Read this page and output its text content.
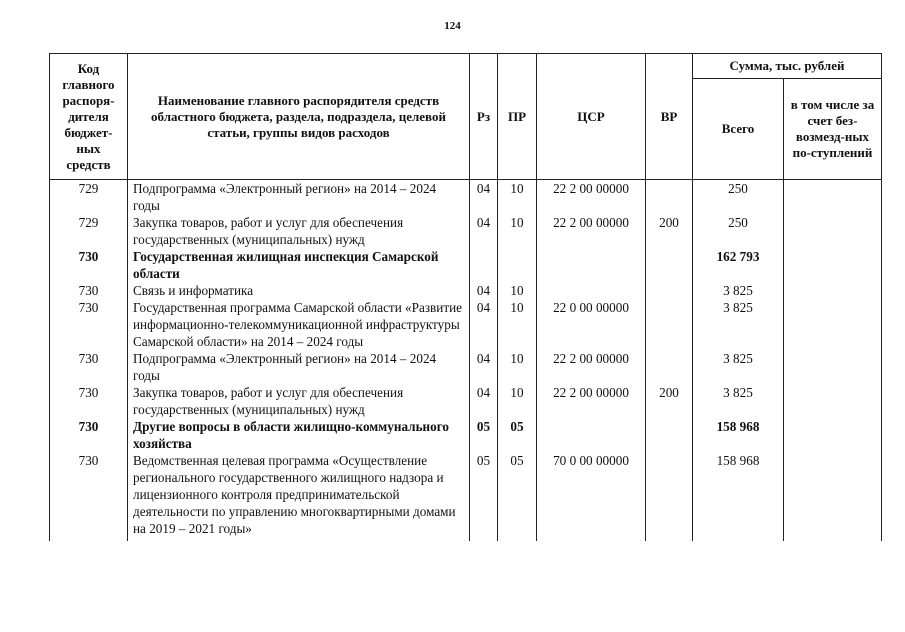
124
Код главного распоря-дителя бюджет-ных средств	Наименование главного распорядителя средств областного бюджета, раздела, подраздела, целевой статьи, группы видов расходов	Рз	ПР	ЦСР	ВР	Сумма, тыс. рублей	
						Всего	в том числе за счет без-возмезд-ных по-ступлений
729	Подпрограмма «Электронный регион» на 2014 – 2024 годы	04	10	22 2 00 00000		250	
729	Закупка товаров, работ и услуг для обеспечения государственных (муниципальных) нужд	04	10	22 2 00 00000	200	250	
730	Государственная жилищная инспекция Самарской области					162 793	
730	Связь и информатика	04	10			3 825	
730	Государственная программа Самарской области «Развитие информационно-телекоммуникационной инфраструктуры Самарской области» на 2014 – 2024 годы	04	10	22 0 00 00000		3 825	
730	Подпрограмма «Электронный регион» на 2014 – 2024 годы	04	10	22 2 00 00000		3 825	
730	Закупка товаров, работ и услуг для обеспечения государственных (муниципальных) нужд	04	10	22 2 00 00000	200	3 825	
730	Другие вопросы в области жилищно-коммунального хозяйства	05	05			158 968	
730	Ведомственная целевая программа «Осуществление регионального государственного жилищного надзора и лицензионного контроля предпринимательской деятельности по управлению многоквартирными домами на 2019 – 2021 годы»	05	05	70 0 00 00000		158 968	
